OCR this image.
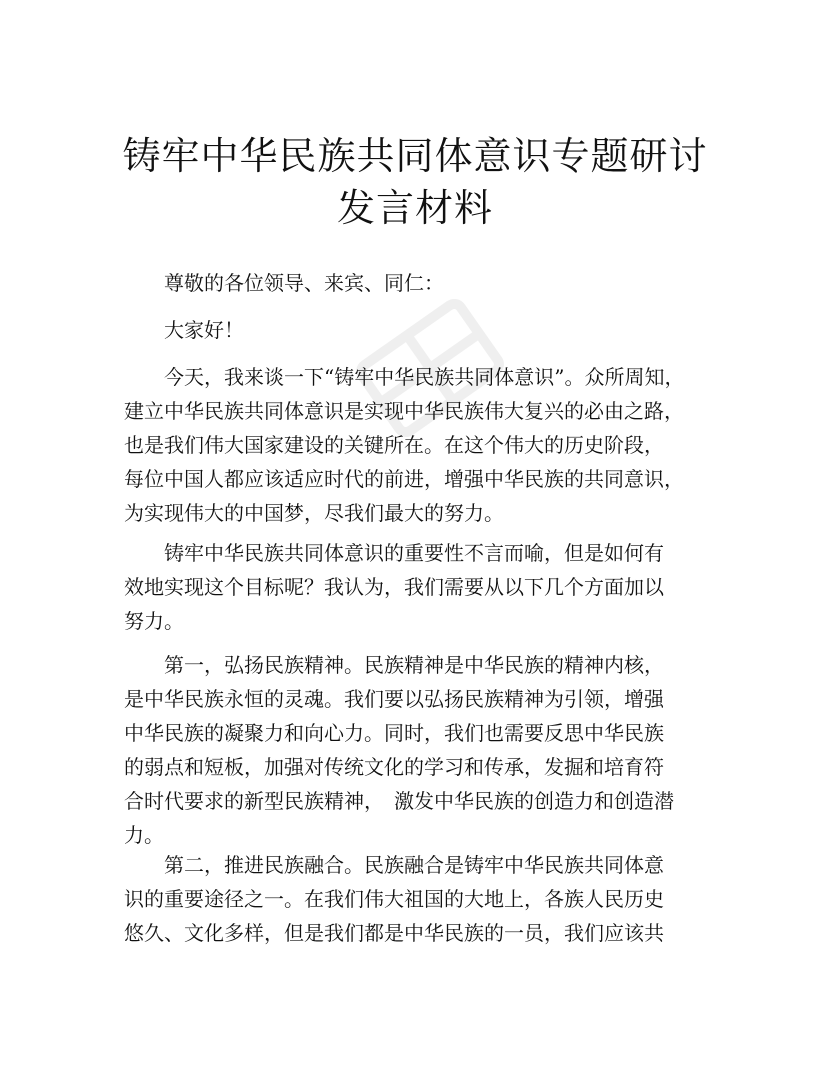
铸牢中华民族共同体意识专题研讨
发言材料
尊敬的各位领导、来宾、同仁：
大家好！
今天，我来谈一下“铸牢中华民族共同体意识”。众所周知，
建立中华民族共同体意识是实现中华民族伟大复兴的必由之路，
也是我们伟大国家建设的关键所在。在这个伟大的历史阶段，
每位中国人都应该适应时代的前进，增强中华民族的共同意识，
为实现伟大的中国梦，尽我们最大的努力。
铸牢中华民族共同体意识的重要性不言而喻，但是如何有
效地实现这个目标呢？我认为，我们需要从以下几个方面加以
努力。
第一，弘扬民族精神。民族精神是中华民族的精神内核，
是中华民族永恒的灵魂。我们要以弘扬民族精神为引领，增强
中华民族的凝聚力和向心力。同时，我们也需要反思中华民族
的弱点和短板，加强对传统文化的学习和传承，发掘和培育符
合时代要求的新型民族精神，　激发中华民族的创造力和创造潜
力。
第二，推进民族融合。民族融合是铸牢中华民族共同体意
识的重要途径之一。在我们伟大祖国的大地上，各族人民历史
悠久、文化多样，但是我们都是中华民族的一员，我们应该共
